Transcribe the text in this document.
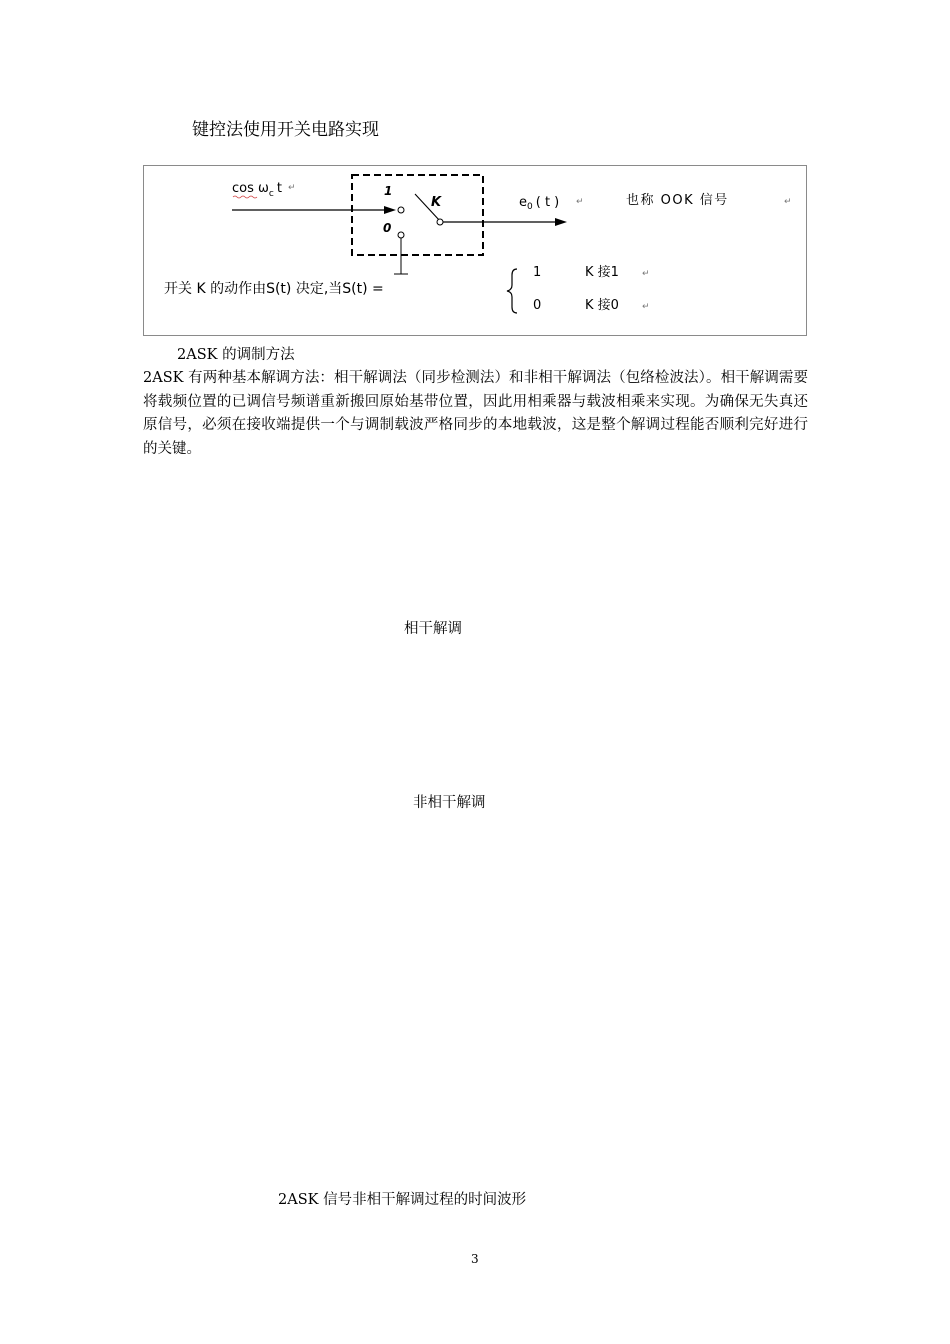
键控法使用开关电路实现
$\cos \omega_c$ t ↵	1
0
K	$e_0$ ( t ) ↵	也称 OOK 信号	↵
开关 K 的动作由S(t) 决定,当S(t) =
1	K 接1	↵
0	K 接0	↵
2ASK 的调制方法
2ASK 有两种基本解调方法：相干解调法（同步检测法）和非相干解调法（包络检波法）。相干解调需要将载频位置的已调信号频谱重新搬回原始基带位置，因此用相乘器与载波相乘来实现。为确保无失真还原信号，必须在接收端提供一个与调制载波严格同步的本地载波，这是整个解调过程能否顺利完好进行的关键。
相干解调
非相干解调
2ASK 信号非相干解调过程的时间波形
3
